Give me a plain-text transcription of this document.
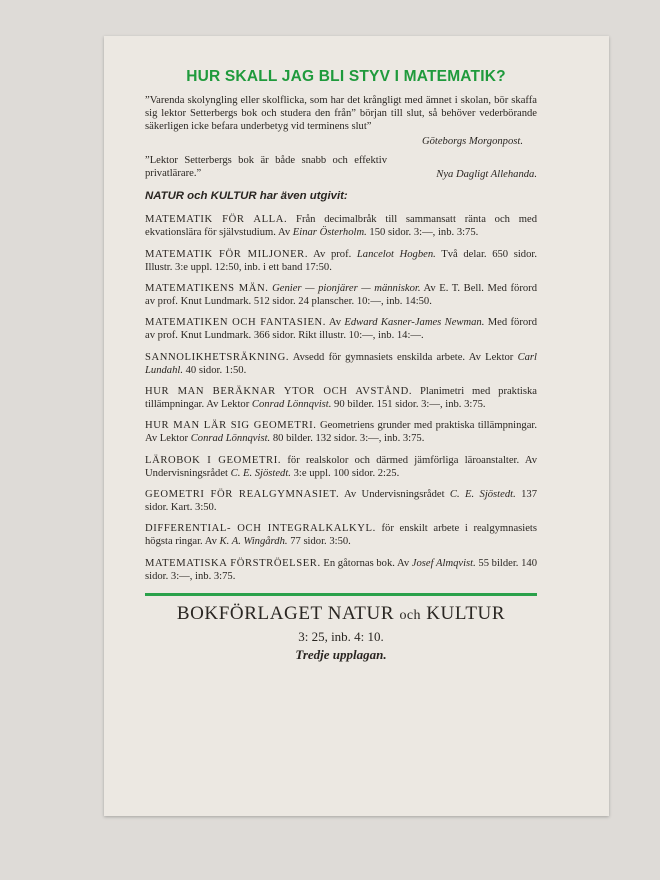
HUR SKALL JAG BLI STYV I MATEMATIK?
”Varenda skolyngling eller skolflicka, som har det krångligt med ämnet i skolan, bör skaffa sig lektor Setterbergs bok och studera den från” början till slut, så behöver vederbörande säkerligen icke befara underbetyg vid terminens slut”
Göteborgs Morgonpost.
”Lektor Setterbergs bok är både snabb och effektiv privatlärare.”	Nya Dagligt Allehanda.
NATUR och KULTUR har även utgivit:
MATEMATIK FÖR ALLA. Från decimalbråk till sammansatt ränta och med ekvationslära för självstudium. Av Einar Österholm. 150 sidor. 3:—, inb. 3:75.
MATEMATIK FÖR MILJONER. Av prof. Lancelot Hogben. Två delar. 650 sidor. Illustr. 3:e uppl. 12:50, inb. i ett band 17:50.
MATEMATIKENS MÄN. Genier — pionjärer — människor. Av E. T. Bell. Med förord av prof. Knut Lundmark. 512 sidor. 24 planscher. 10:—, inb. 14:50.
MATEMATIKEN OCH FANTASIEN. Av Edward Kasner-James Newman. Med förord av prof. Knut Lundmark. 366 sidor. Rikt illustr. 10:—, inb. 14:—.
SANNOLIKHETSRÄKNING. Avsedd för gymnasiets enskilda arbete. Av Lektor Carl Lundahl. 40 sidor. 1:50.
HUR MAN BERÄKNAR YTOR OCH AVSTÅND. Planimetri med praktiska tillämpningar. Av Lektor Conrad Lönnqvist. 90 bilder. 151 sidor. 3:—, inb. 3:75.
HUR MAN LÄR SIG GEOMETRI. Geometriens grunder med praktiska tillämpningar. Av Lektor Conrad Lönnqvist. 80 bilder. 132 sidor. 3:—, inb. 3:75.
LÄROBOK I GEOMETRI. för realskolor och därmed jämförliga läroanstalter. Av Undervisningsrådet C. E. Sjöstedt. 3:e uppl. 100 sidor. 2:25.
GEOMETRI FÖR REALGYMNASIET. Av Undervisningsrådet C. E. Sjöstedt. 137 sidor. Kart. 3:50.
DIFFERENTIAL- OCH INTEGRALKALKYL. för enskilt arbete i realgymnasiets högsta ringar. Av K. A. Wingårdh. 77 sidor. 3:50.
MATEMATISKA FÖRSTRÖELSER. En gåtornas bok. Av Josef Almqvist. 55 bilder. 140 sidor. 3:—, inb. 3:75.
BOKFÖRLAGET NATUR och KULTUR
3: 25, inb. 4: 10.
Tredje upplagan.
